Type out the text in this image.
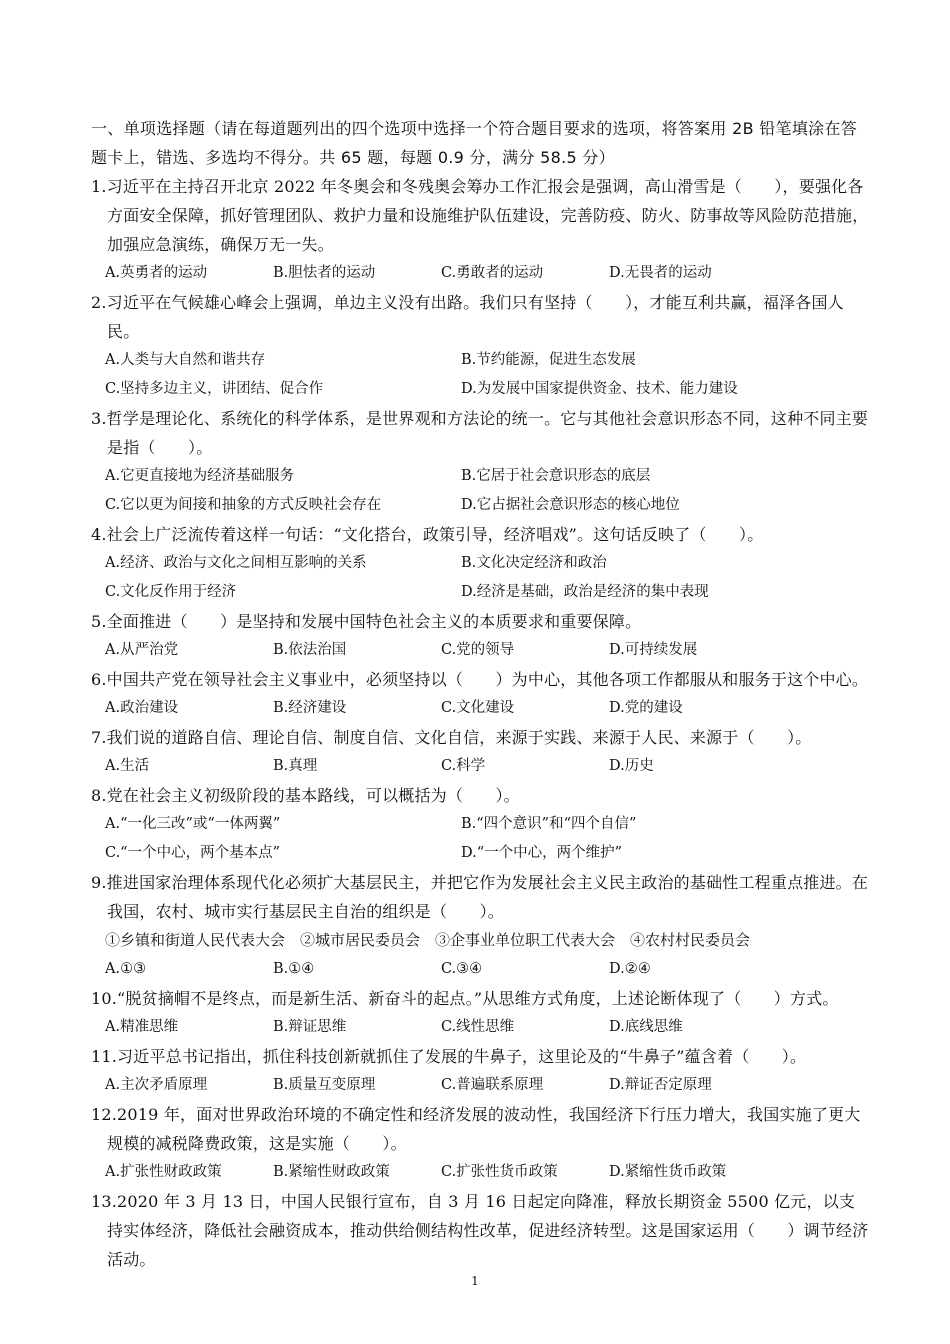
一、单项选择题（请在每道题列出的四个选项中选择一个符合题目要求的选项，将答案用 2B 铅笔填涂在答题卡上，错选、多选均不得分。共 65 题，每题 0.9 分，满分 58.5 分）
1.习近平在主持召开北京 2022 年冬奥会和冬残奥会筹办工作汇报会是强调，高山滑雪是（　　），要强化各方面安全保障，抓好管理团队、救护力量和设施维护队伍建设，完善防疫、防火、防事故等风险防范措施，加强应急演练，确保万无一失。
A.英勇者的运动	B.胆怯者的运动	C.勇敢者的运动	D.无畏者的运动
2.习近平在气候雄心峰会上强调，单边主义没有出路。我们只有坚持（　　），才能互利共赢，福泽各国人民。
A.人类与大自然和谐共存	B.节约能源，促进生态发展
C.坚持多边主义，讲团结、促合作	D.为发展中国家提供资金、技术、能力建设
3.哲学是理论化、系统化的科学体系，是世界观和方法论的统一。它与其他社会意识形态不同，这种不同主要是指（　　）。
A.它更直接地为经济基础服务	B.它居于社会意识形态的底层
C.它以更为间接和抽象的方式反映社会存在	D.它占据社会意识形态的核心地位
4.社会上广泛流传着这样一句话：“文化搭台，政策引导，经济唱戏”。这句话反映了（　　）。
A.经济、政治与文化之间相互影响的关系	B.文化决定经济和政治
C.文化反作用于经济	D.经济是基础，政治是经济的集中表现
5.全面推进（　　）是坚持和发展中国特色社会主义的本质要求和重要保障。
A.从严治党	B.依法治国	C.党的领导	D.可持续发展
6.中国共产党在领导社会主义事业中，必须坚持以（　　）为中心，其他各项工作都服从和服务于这个中心。
A.政治建设	B.经济建设	C.文化建设	D.党的建设
7.我们说的道路自信、理论自信、制度自信、文化自信，来源于实践、来源于人民、来源于（　　）。
A.生活	B.真理	C.科学	D.历史
8.党在社会主义初级阶段的基本路线，可以概括为（　　）。
A.“一化三改”或“一体两翼”	B.“四个意识”和“四个自信”
C.“一个中心，两个基本点”	D.“一个中心，两个维护”
9.推进国家治理体系现代化必须扩大基层民主，并把它作为发展社会主义民主政治的基础性工程重点推进。在我国，农村、城市实行基层民主自治的组织是（　　）。
①乡镇和街道人民代表大会　②城市居民委员会　③企事业单位职工代表大会　④农村村民委员会
A.①③	B.①④	C.③④	D.②④
10.“脱贫摘帽不是终点，而是新生活、新奋斗的起点。”从思维方式角度，上述论断体现了（　　）方式。
A.精准思维	B.辩证思维	C.线性思维	D.底线思维
11.习近平总书记指出，抓住科技创新就抓住了发展的牛鼻子，这里论及的“牛鼻子”蕴含着（　　）。
A.主次矛盾原理	B.质量互变原理	C.普遍联系原理	D.辩证否定原理
12.2019 年，面对世界政治环境的不确定性和经济发展的波动性，我国经济下行压力增大，我国实施了更大规模的减税降费政策，这是实施（　　）。
A.扩张性财政政策	B.紧缩性财政政策	C.扩张性货币政策	D.紧缩性货币政策
13.2020 年 3 月 13 日，中国人民银行宣布，自 3 月 16 日起定向降准，释放长期资金 5500 亿元，以支持实体经济，降低社会融资成本，推动供给侧结构性改革，促进经济转型。这是国家运用（　　）调节经济活动。
1
